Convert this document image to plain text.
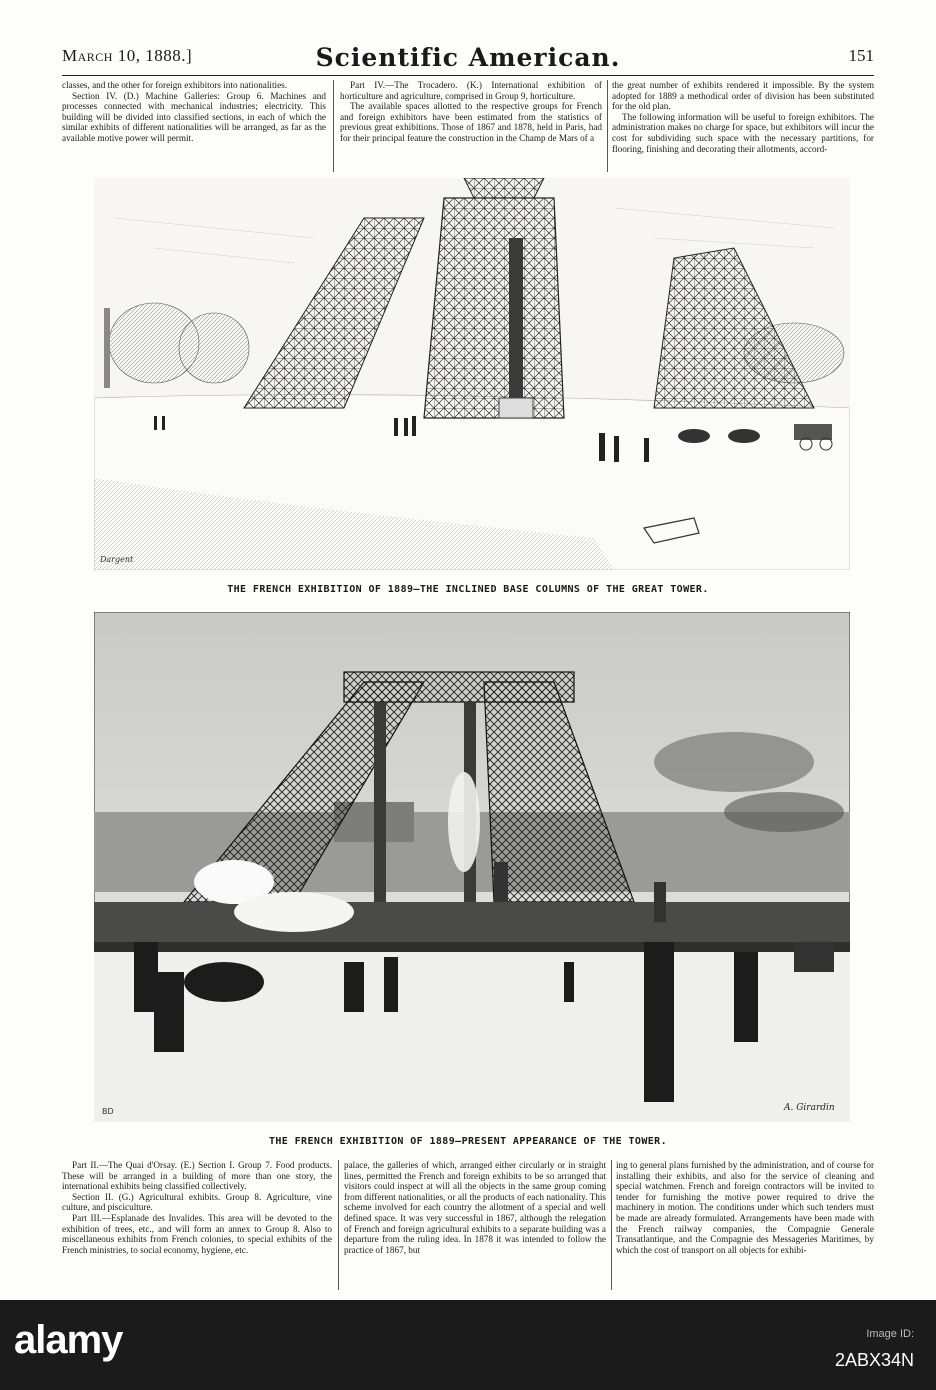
March 10, 1888.]	Scientific American.	151

classes, and the other for foreign exhibitors into nationalities.

Section IV. (D.) Machine Galleries: Group 6. Machines and processes connected with mechanical industries; electricity. This building will be divided into classified sections, in each of which the similar exhibits of different nationalities will be arranged, as far as the available motive power will permit.

Part IV.—The Trocadero. (K.) International exhibition of horticulture and agriculture, comprised in Group 9, horticulture.

The available spaces allotted to the respective groups for French and foreign exhibitors have been estimated from the statistics of previous great exhibitions. Those of 1867 and 1878, held in Paris, had for their principal feature the construction in the Champ de Mars of a

the great number of exhibits rendered it impossible. By the system adopted for 1889 a methodical order of division has been substituted for the old plan.

The following information will be useful to foreign exhibitors. The administration makes no charge for space, but exhibitors will incur the cost for subdividing such space with the necessary partitions, for flooring, finishing and decorating their allotments, accord-

Dargent
THE FRENCH EXHIBITION OF 1889—THE INCLINED BASE COLUMNS OF THE GREAT TOWER.
BD	A. Girardin
THE FRENCH EXHIBITION OF 1889—PRESENT APPEARANCE OF THE TOWER.

Part II.—The Quai d'Orsay. (E.) Section I. Group 7. Food products. These will be arranged in a building of more than one story, the international exhibits being classified collectively.

Section II. (G.) Agricultural exhibits. Group 8. Agriculture, vine culture, and pisciculture.

Part III.—Esplanade des Invalides. This area will be devoted to the exhibition of trees, etc., and will form an annex to Group 8. Also to miscellaneous exhibits from French colonies, to special exhibits of the French ministries, to social economy, hygiene, etc.

palace, the galleries of which, arranged either circularly or in straight lines, permitted the French and foreign exhibits to be so arranged that visitors could inspect at will all the objects in the same group coming from different nationalities, or all the products of each nationality. This scheme involved for each country the allotment of a special and well defined space. It was very successful in 1867, although the relegation of French and foreign agricultural exhibits to a separate building was a departure from the ruling idea. In 1878 it was intended to follow the practice of 1867, but

ing to general plans furnished by the administration, and of course for installing their exhibits, and also for the service of cleaning and special watchmen. French and foreign contractors will be invited to tender for furnishing the motive power required to drive the machinery in motion. The conditions under which such tenders must be made are already formulated. Arrangements have been made with the French railway companies, the Compagnie Generale Transatlantique, and the Compagnie des Messageries Maritimes, by which the cost of transport on all objects for exhibi-

alamy	Image ID:
2ABX34N
